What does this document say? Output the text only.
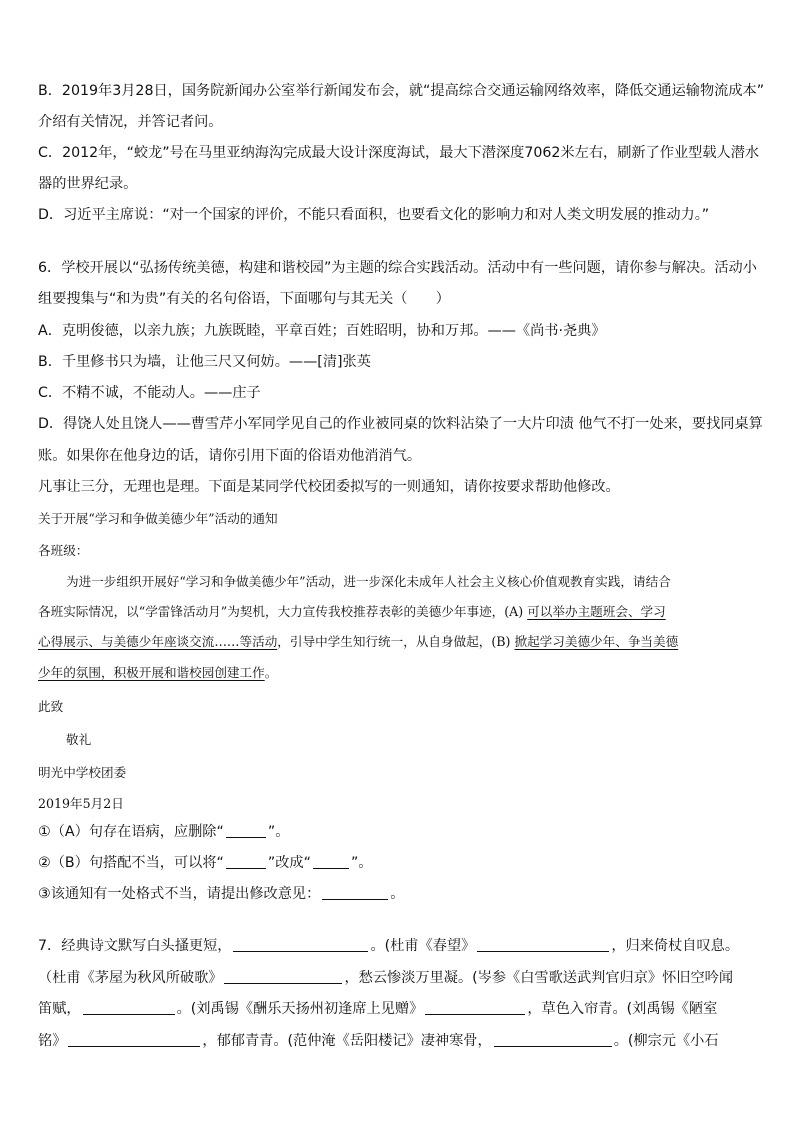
B．2019年3月28日，国务院新闻办公室举行新闻发布会，就“提高综合交通运输网络效率，降低交通运输物流成本”
介绍有关情况，并答记者问。
C．2012年，“蛟龙”号在马里亚纳海沟完成最大设计深度海试，最大下潜深度7062米左右，刷新了作业型载人潜水
器的世界纪录。
D．习近平主席说：“对一个国家的评价，不能只看面积，也要看文化的影响力和对人类文明发展的推动力。”
6．学校开展以“弘扬传统美德，构建和谐校园”为主题的综合实践活动。活动中有一些问题，请你参与解决。活动小
组要搜集与“和为贵”有关的名句俗语，下面哪句与其无关（　　）
A．克明俊德，以亲九族；九族既睦，平章百姓；百姓昭明，协和万邦。——《尚书·尧典》
B．千里修书只为墙，让他三尺又何妨。——[清]张英
C．不精不诚，不能动人。——庄子
D．得饶人处且饶人——曹雪芹小军同学见自己的作业被同桌的饮料沾染了一大片印渍 他气不打一处来，要找同桌算
账。如果你在他身边的话，请你引用下面的俗语劝他消消气。
凡事让三分，无理也是理。下面是某同学代校团委拟写的一则通知，请你按要求帮助他修改。
关于开展“学习和争做美德少年”活动的通知
各班级：
为进一步组织开展好“学习和争做美德少年”活动，进一步深化未成年人社会主义核心价值观教育实践，请结合
各班实际情况，以“学雷锋活动月”为契机，大力宣传我校推荐表彰的美德少年事迹，(A) 可以举办主题班会、学习
心得展示、与美德少年座谈交流……等活动，引导中学生知行统一，从自身做起，(B) 掀起学习美德少年、争当美德
少年的氛围，积极开展和谐校园创建工作。
此致
敬礼
明光中学校团委
2019年5月2日
①（A）句存在语病，应删除“	”。
②（B）句搭配不当，可以将“	”改成“	”。
③该通知有一处格式不当，请提出修改意见：	。
7．经典诗文默写白头搔更短，	。(杜甫《春望》	，归来倚杖自叹息。
（杜甫《茅屋为秋风所破歌》	，愁云惨淡万里凝。(岑参《白雪歌送武判官归京》怀旧空吟闻
笛赋，	。(刘禹锡《酬乐天扬州初逢席上见赠》	，草色入帘青。(刘禹锡《陋室
铭》	，郁郁青青。(范仲淹《岳阳楼记》凄神寒骨，	。(柳宗元《小石
